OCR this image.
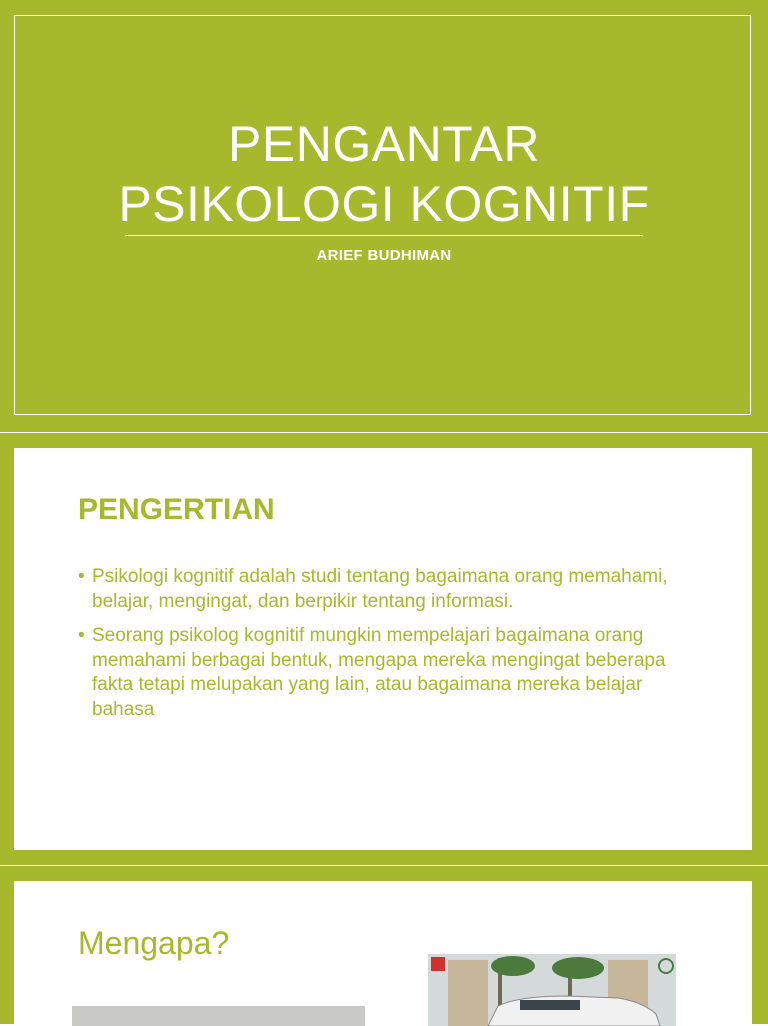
PENGANTAR
PSIKOLOGI KOGNITIF
ARIEF BUDHIMAN
PENGERTIAN
• Psikologi kognitif adalah studi tentang bagaimana orang memahami, belajar, mengingat, dan berpikir tentang informasi.
• Seorang psikolog kognitif mungkin mempelajari bagaimana orang memahami berbagai bentuk, mengapa mereka mengingat beberapa fakta tetapi melupakan yang lain, atau bagaimana mereka belajar bahasa
Mengapa?
